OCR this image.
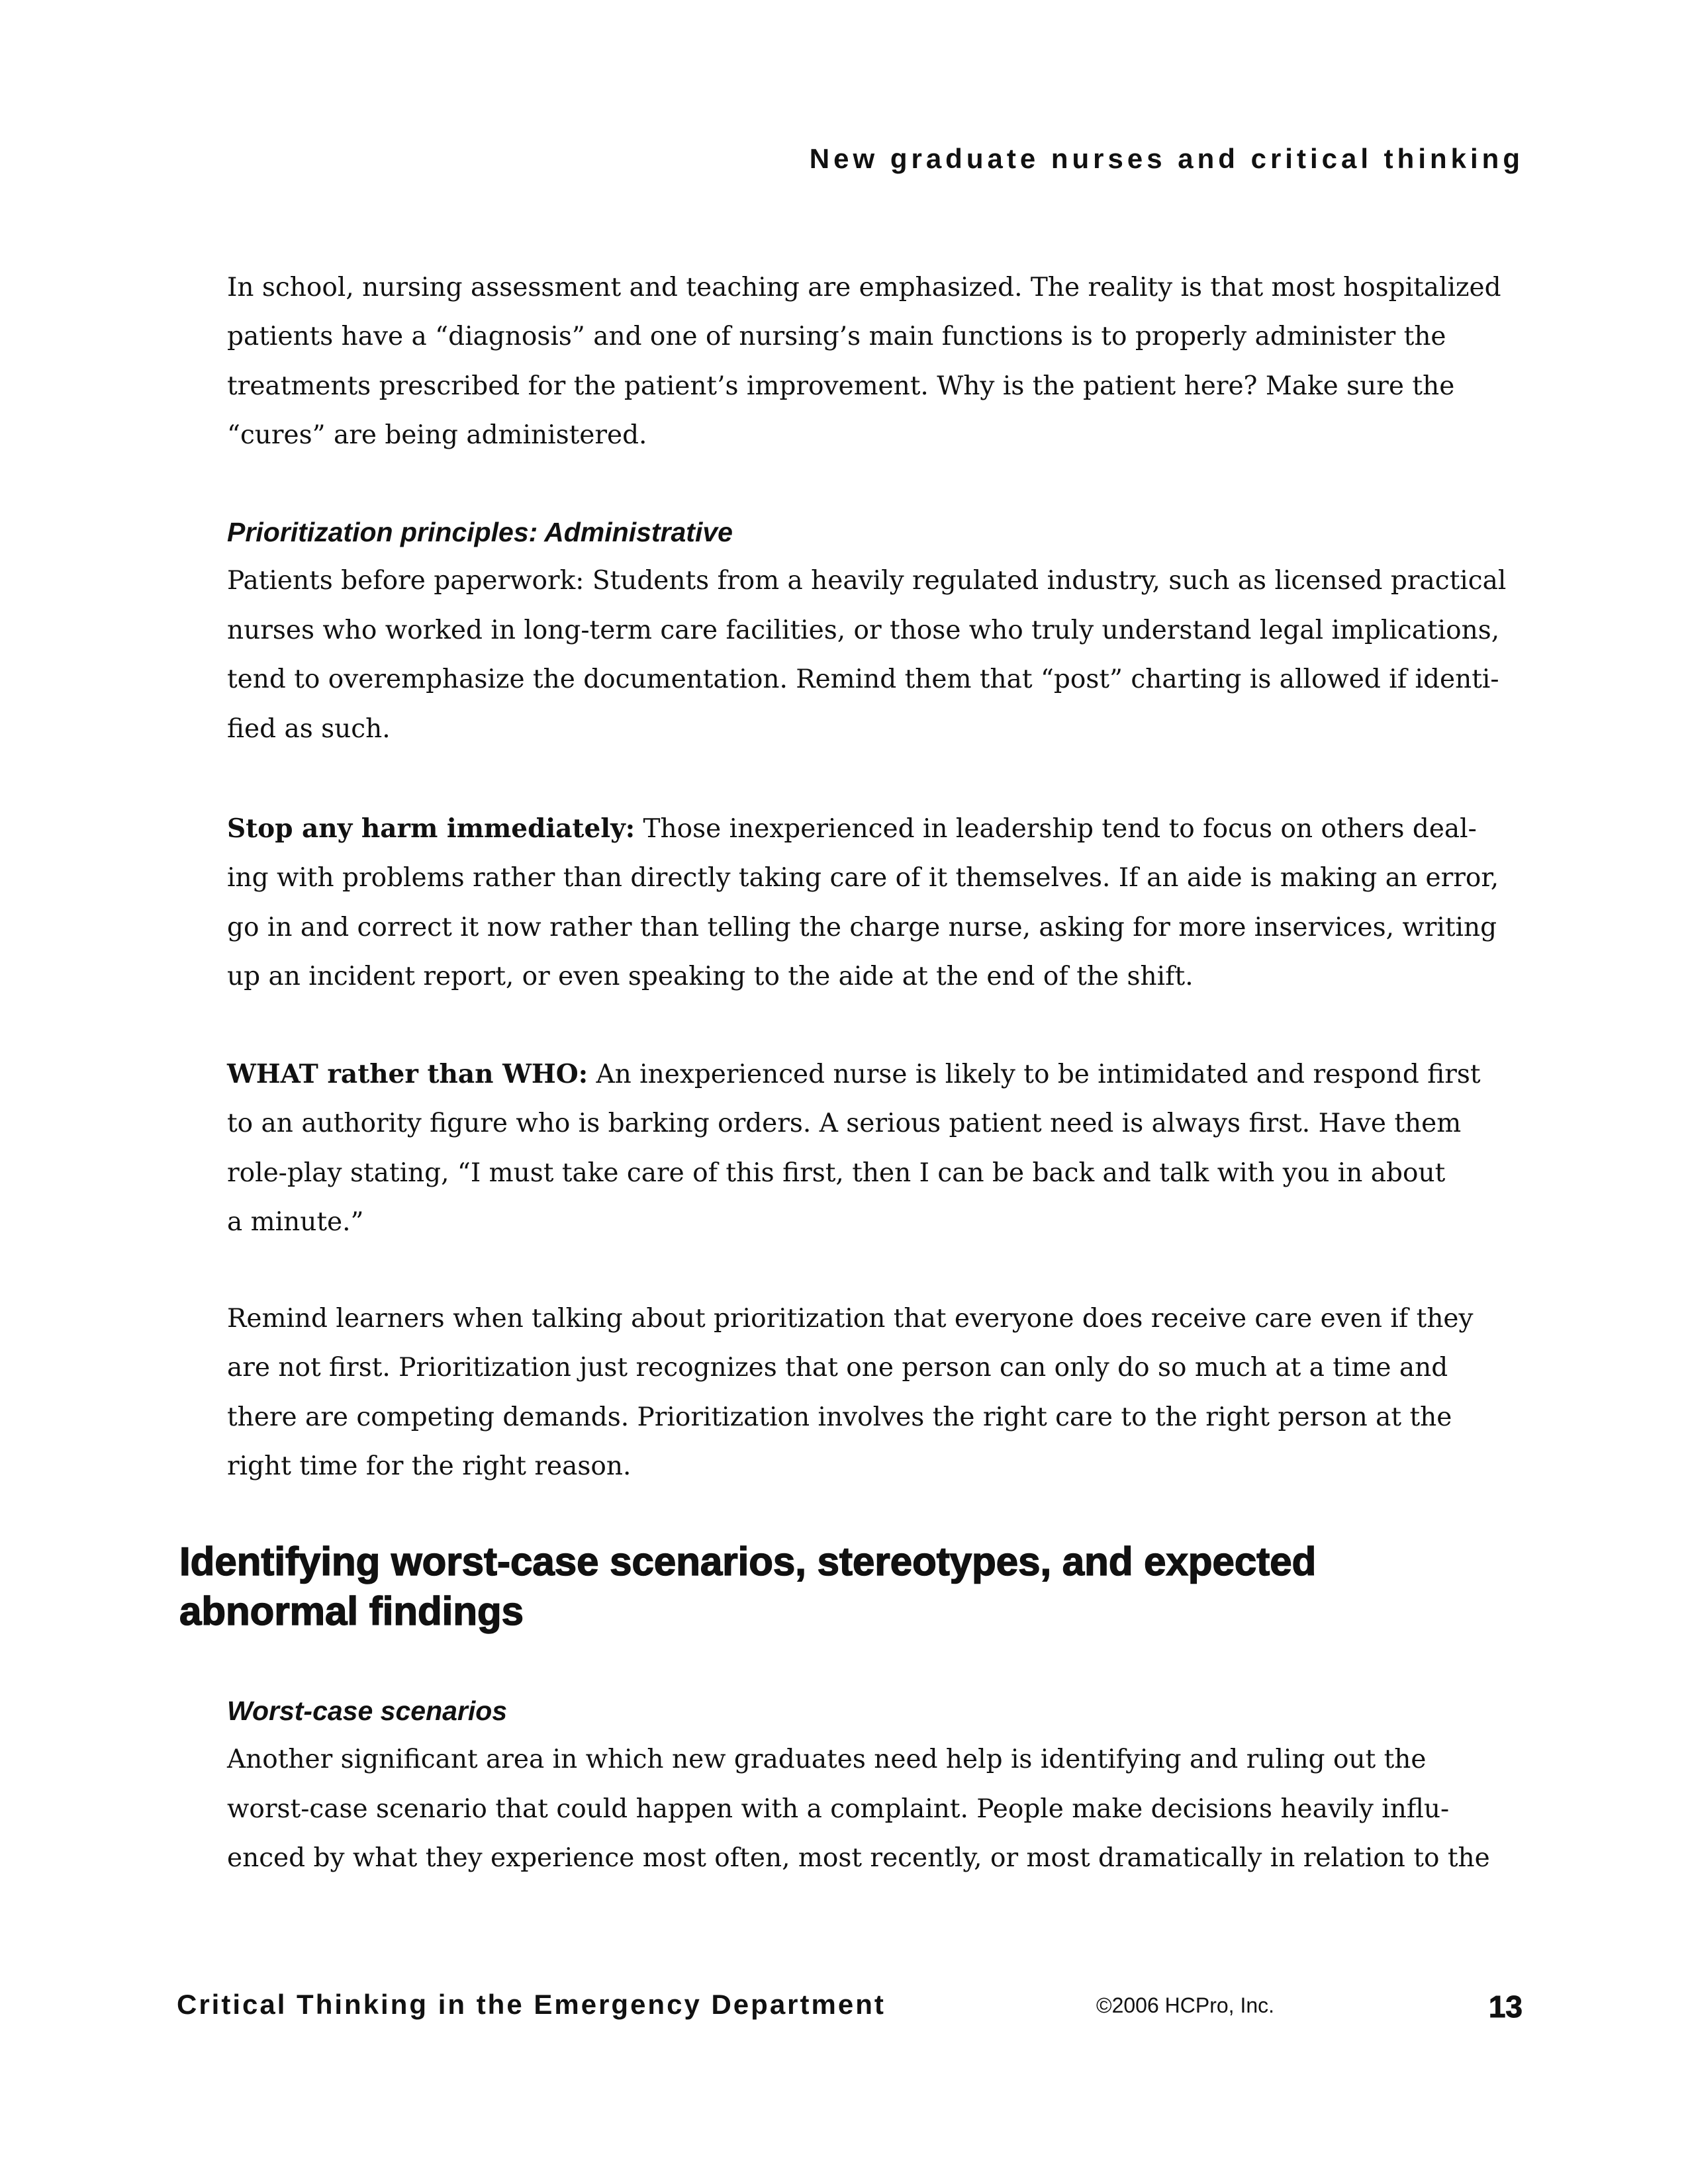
New graduate nurses and critical thinking
In school, nursing assessment and teaching are emphasized. The reality is that most hospitalized
patients have a “diagnosis” and one of nursing’s main functions is to properly administer the
treatments prescribed for the patient’s improvement. Why is the patient here? Make sure the
“cures” are being administered.
Prioritization principles: Administrative
Patients before paperwork: Students from a heavily regulated industry, such as licensed practical
nurses who worked in long-term care facilities, or those who truly understand legal implications,
tend to overemphasize the documentation. Remind them that “post” charting is allowed if identi-
fied as such.
Stop any harm immediately: Those inexperienced in leadership tend to focus on others deal-
ing with problems rather than directly taking care of it themselves. If an aide is making an error,
go in and correct it now rather than telling the charge nurse, asking for more inservices, writing
up an incident report, or even speaking to the aide at the end of the shift.
WHAT rather than WHO: An inexperienced nurse is likely to be intimidated and respond first
to an authority figure who is barking orders. A serious patient need is always first. Have them
role-play stating, “I must take care of this first, then I can be back and talk with you in about
a minute.”
Remind learners when talking about prioritization that everyone does receive care even if they
are not first. Prioritization just recognizes that one person can only do so much at a time and
there are competing demands. Prioritization involves the right care to the right person at the
right time for the right reason.
Identifying worst-case scenarios, stereotypes, and expected
abnormal findings
Worst-case scenarios
Another significant area in which new graduates need help is identifying and ruling out the
worst-case scenario that could happen with a complaint. People make decisions heavily influ-
enced by what they experience most often, most recently, or most dramatically in relation to the
Critical Thinking in the Emergency Department	©2006 HCPro, Inc.	13
